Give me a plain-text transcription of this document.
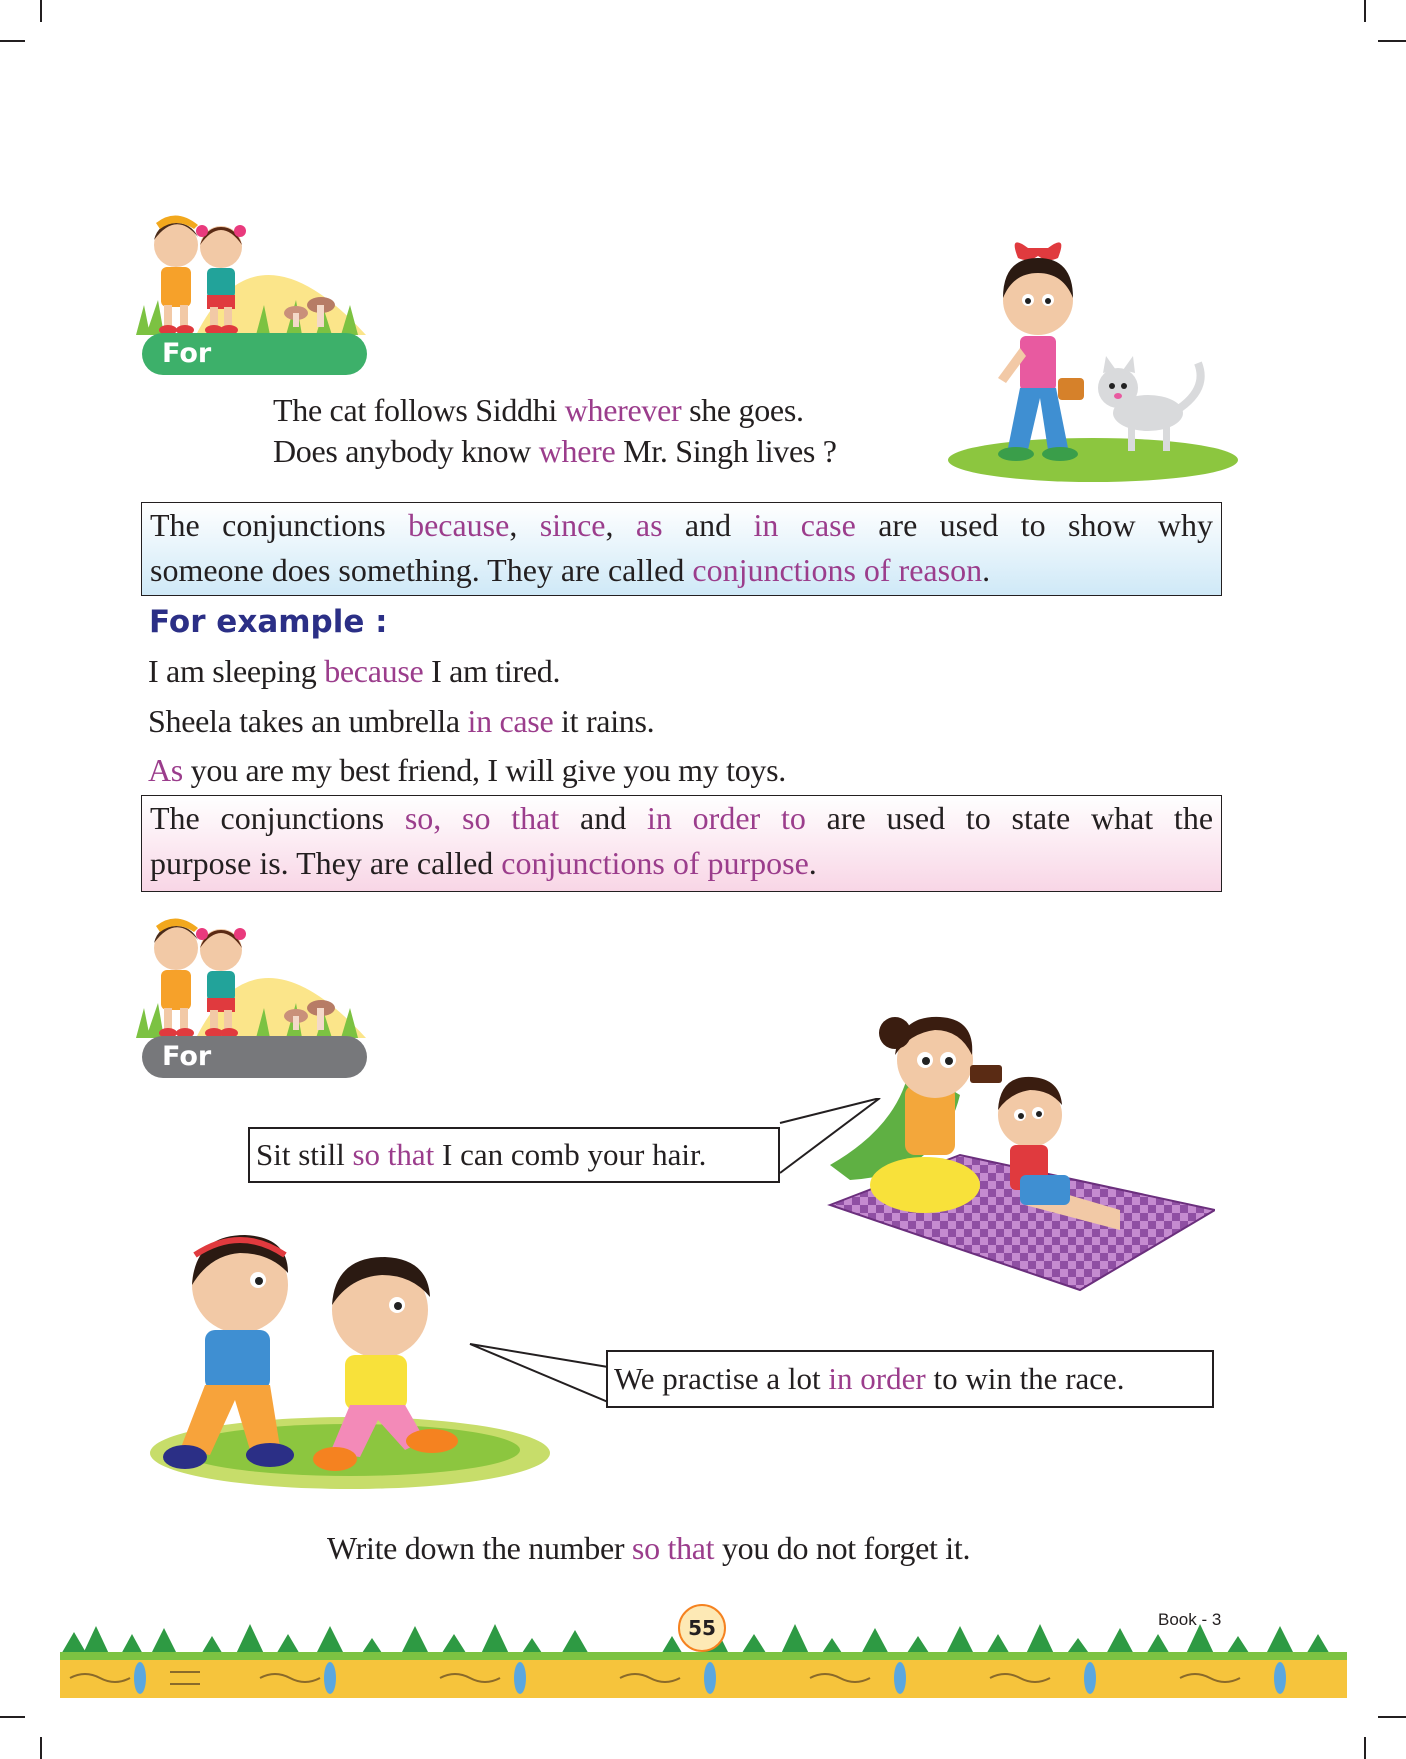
For example :
The cat follows Siddhi wherever she goes.
Does anybody know where Mr. Singh lives ?
The conjunctions because, since, as and in case are used to show why
someone does something. They are called conjunctions of reason.
For example :
I am sleeping because I am tired.
Sheela takes an umbrella in case it rains.
As you are my best friend, I will give you my toys.
The conjunctions so, so that and in order to are used to state what the
purpose is. They are called conjunctions of purpose.
For example :
Sit still so that I can comb your hair.
We practise a lot in order to win the race.
Write down the number so that you do not forget it.
55	Book - 3
